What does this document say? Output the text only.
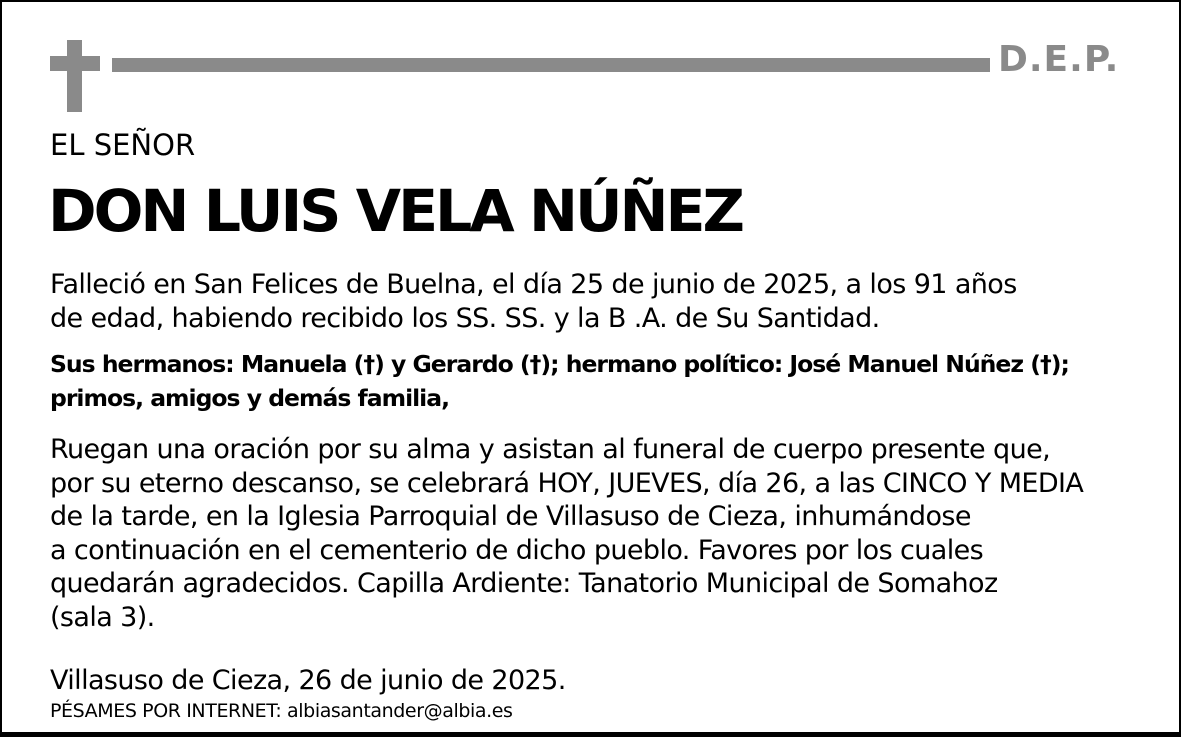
D.E.P.
EL SEÑOR
DON LUIS VELA NÚÑEZ
Falleció en San Felices de Buelna, el día 25 de junio de 2025, a los 91 años
de edad, habiendo recibido los SS. SS. y la B .A. de Su Santidad.
Sus hermanos: Manuela (†) y Gerardo (†); hermano político: José Manuel Núñez (†);
primos, amigos y demás familia,
Ruegan una oración por su alma y asistan al funeral de cuerpo presente que,
por su eterno descanso, se celebrará HOY, JUEVES, día 26, a las CINCO Y MEDIA
de la tarde, en la Iglesia Parroquial de Villasuso de Cieza, inhumándose
a continuación en el cementerio de dicho pueblo. Favores por los cuales
quedarán agradecidos. Capilla Ardiente: Tanatorio Municipal de Somahoz
(sala 3).
Villasuso de Cieza, 26 de junio de 2025.
PÉSAMES POR INTERNET: albiasantander@albia.es
